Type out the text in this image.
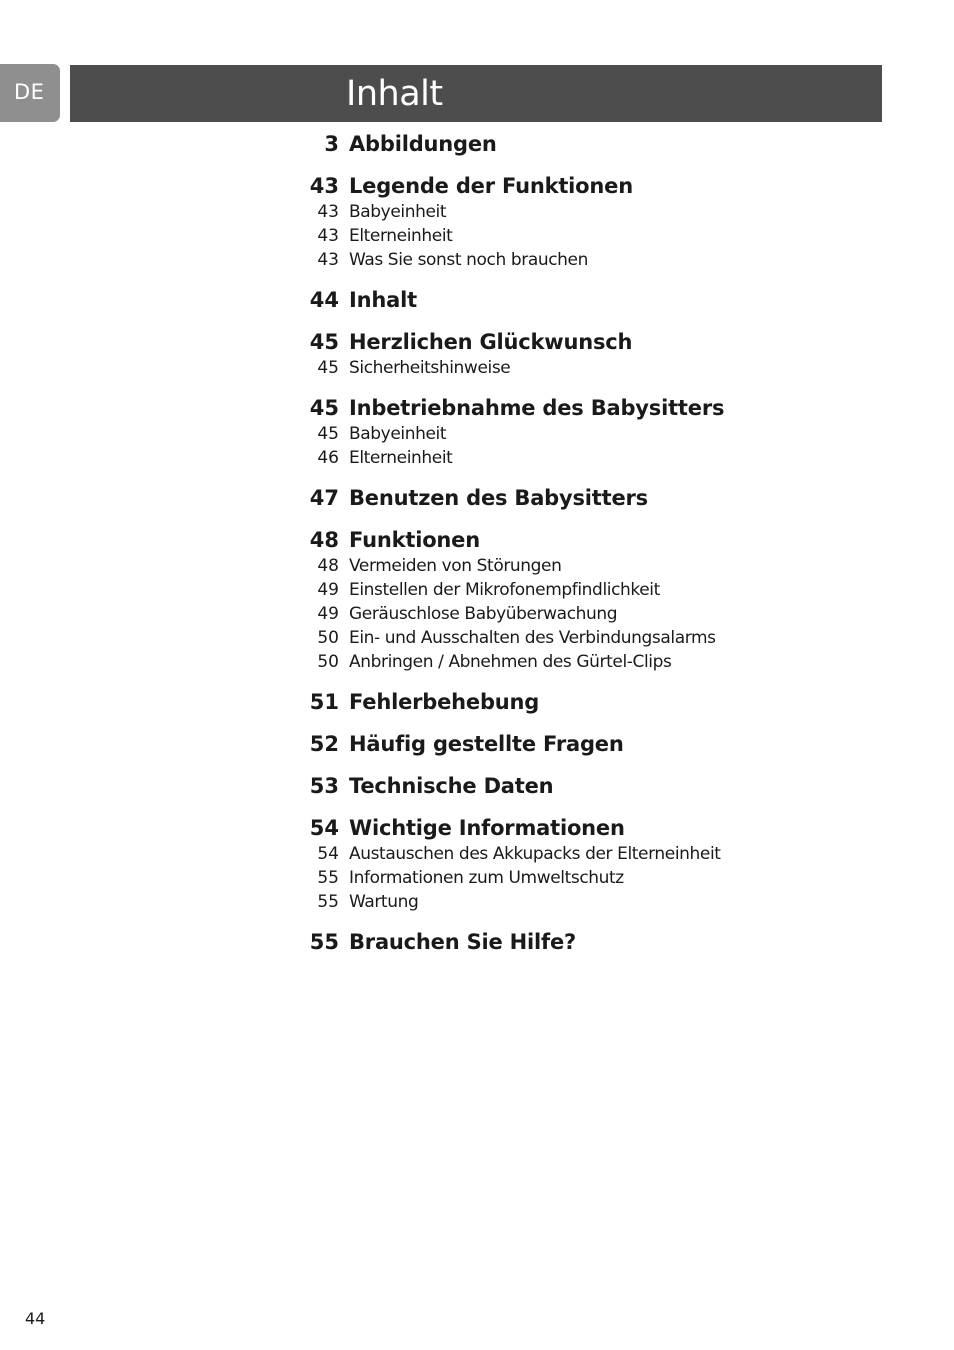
DE	Inhalt
3 Abbildungen
43 Legende der Funktionen
43 Babyeinheit
43 Elterneinheit
43 Was Sie sonst noch brauchen
44 Inhalt
45 Herzlichen Glückwunsch
45 Sicherheitshinweise
45 Inbetriebnahme des Babysitters
45 Babyeinheit
46 Elterneinheit
47 Benutzen des Babysitters
48 Funktionen
48 Vermeiden von Störungen
49 Einstellen der Mikrofonempfindlichkeit
49 Geräuschlose Babyüberwachung
50 Ein- und Ausschalten des Verbindungsalarms
50 Anbringen / Abnehmen des Gürtel-Clips
51 Fehlerbehebung
52 Häufig gestellte Fragen
53 Technische Daten
54 Wichtige Informationen
54 Austauschen des Akkupacks der Elterneinheit
55 Informationen zum Umweltschutz
55 Wartung
55 Brauchen Sie Hilfe?
44
